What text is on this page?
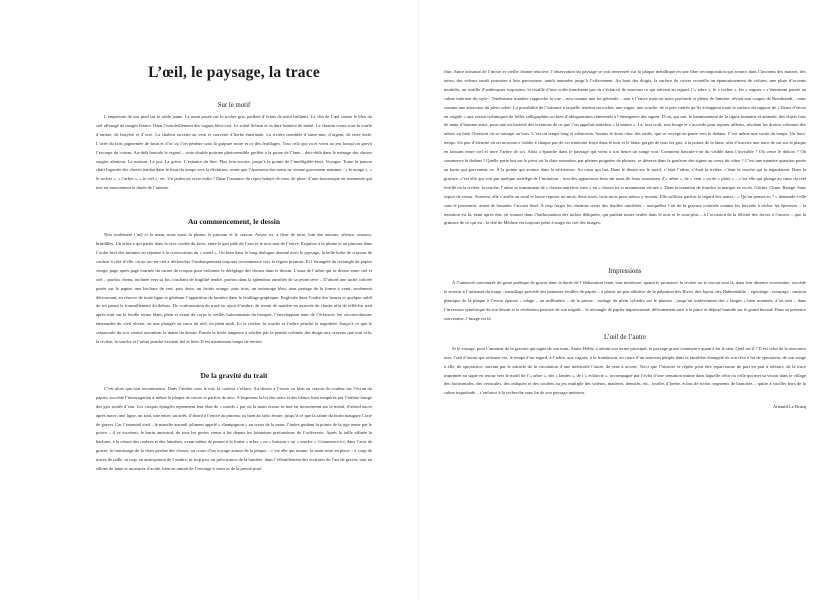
L’œil, le paysage, la trace
Sur le motif

L’empreinte de son pied sur le sable jaune. La main posée sur le rocher gris, pailleté d’éclats de mica brillants. Le clin de l’œil contre le bleu du ciel effrangé de nuages blancs. Dans l’ensoleillement des vagues bleu-vert. Le soleil là-haut et sa dure lumière de métal. Le chemin creux sous la touffe d’ombre, de bruyère et d’ocre. La chaleur ouverte au vent et couverte d’herbe émeraude. La rivière tremblée d’outre-mer, d’argent, de terre étale. L’orée du bois pigmentée de brun et d’or où l’on pénètre sous la guipure noire et or des feuillages. Tout cela qui va et vient au jeu lorsqu’on gravit l’escarpe du coteau. Au-delà bascule le regard – cette double poitrine photosensible greffée à la proue de l’âme – déci-delà dans le ménage des choses surgies alentour. La maison. Le pot. La grève. L’estuaire du Sier. Plus loin encore, jusqu’à la pointe de l’intelligible-étoit. Voyager. Toute la pauvre chair bigarrée des choses tendue dans le tissu du temps vers la déchirure, avant que l’épaisseur des noms ne vienne gravement nommer : « le nuage », « le rocher », « l’arbre », « le ciel », etc. Un jardin où vivre enfin ? Dans l’instance du repos balayé de vent, de pluie, d’une bourrasque en tourmente qui met en mouvement la durée de l’attente.

Au commencement, le dessin

Non seulement l’œil et la main, mais aussi la plume, le pinceau et le crayon. Assise ici, à fleur de terre, loin des auteurs, silence, oiseaux, brindilles. Un arbre à qui parler dans la vive coulée du lavis, entre le gris pâle de l’eau et le noir mat de l’encre. Esquisse à la plume et au pinceau dans l’ordre bref des minutes en réponse à la convocation du « motif ». Ou bien dans le long dialogue dessiné avec le paysage, la belle boîte de crayons de couleur à côté d’elle, où un arc-en-ciel a déclencher l’embarquement toujours recommencé vers la région promise. Et l’étrangeté du rectangle de papier vierge, page après page tournée du carnet de croquis pour ordonner le dérèglage des choses dans le dessin. L’aura de l’arbre qui se dresse entre ciel et ciel – parfois chenu, inclinée vers sa fin, touchant de fragilité tendre, parfois dans la splendeur ramifiée de sa jeune sève – D’abord une tache colorée posée sur le papier, une hachure de vert, puis deux, un frottis orange, puis trois, un entourage bleu, sans partage de la forme à venir, seulement découvrant, en réserve de toute ligne et générant l’apparition de lumière dans le feuillage graphique. Englouée dans l’ordre des heures et quelque oubli de soi parmi le fourmillement du dehors. De confrontation du tracé en ajout d’ombre, de termit de matière en avancée de clartés afin de réfléchir trait après trait sur la feuille terme blanc plein et avant du corps le veillés buissonnants du bosquet, l’enveloppant tenir de l’éclaircie, les circonvolutions émeraudes du vieil olivier, en une plongée au cœur du réel, en plein midi. Ici la rivière, la souche et l’arbre penché la regardent. Jusqu’à ce que le crépuscule du soir vienne assombrir la danse du dessin. Passée la levée tangence à vérifier par la pensée rythmée des doigts aux crayons que tout cela, la rivière, la souche et l’arbre penché existent bel et bien. Il est maintenant temps de rentrer.

De la gravité du trait

C’est alors que tout recommence. Dans l’atelier sous le toit, la couleur s’efface. Au dessin à l’encre ou bien au crayon de couleur sur l’écran du papier, succède l’interrogation à même la plaque de cuivre et parfois de zinc. S’imposent la loi des noirs et des blancs bien tempérés par l’infinie frange des gris roulés d’eau. Les croquis épinglés reprennent leur élan de « motifs » par où la main écrase se met en mouvement sur le métal, d’abord nacre après nacre, une ligne, un trait, une entre, un arrêt, d’abord à l’encre au pinceau ou bien au stylo feutre, jusqu’à ce que la sainte du burin inaugure l’acte de graver. Car l’essentiel sied – le manche arrondi joliment appelé « champignon » au creux de la main, l’index guidant la pointe de la tige tenue par le pouce – il se souvient, le burin ancestral, de tous les gestes venus à lui depuis les lointaines profondeurs de l’orfèvrerie. Après la taille affinée la hachure, à la césure des ombres et des lumières, avant même de penser à la forme « arbre » ou « buisson » ou « souche ». Commence ici, dans l’acte de graver, le tremissage de la chair perdue des choses, au cours d’un voyage autour de la plaque – c’est elle qui tourne, la main reste en place – à coup de traces de taille, ni trop, en anticipation de l’ombre, ni trop peu, en prévoyance de la lumière, dans l’effeuillement des écritures de l’art de graver, tout en sillons de lame et morsures d’acide, bien en amont de l’encrage à venir et de la presse posé

finir. Entre artisanat de l’incise et vieille chimie réactive, l’observation du paysage se voit renversée sur la plaque métallique en une libre recomposition qui avance dans l’inconnu des masses, des tettes, des valeurs tantôt poussées à leur paroxysme, tantôt animales jusqu’à l’effacement. Au bout des doigts, la surface de cuivre recueille un épanouissement de volutes, une pluie d’accents modulés, un souffle d’arabesques exquisites, la cisaille d’une volée tranchante par où s’éclaircit de nouveau ce qui advient au regard. l’« arbre », le « rocher », les « vagues » s’éternisent passés au calme intérieur du style : Tenebrisme manière rapproche la vue – non comme une loi générale – non à l’encre mais en noirs profonds et pleins de lumière, rêvant aux coupes de Rembrandt – mais comme une attraction du plein soleil. La possibilité de l’informe à laquelle tendent un rocher, une vague, une souche, de si près cadrés qu’ils échappent toute la surface du support de « fleurs d’encre en vrigule » aux versus rythmiques de folles calligraphies ou bien d’idéogrammes réinventés à l’émergence des signes. D’où, qui sait, le bannissement de la figure humaine et animale, des objets faits de main d’homme aussi, pour une exclusivité des créations de ce que l’on appelait autrefois « la nature ». Là, tout croît, tout bouge et s’accorde pour reparer ailleurs, révolant les droites colonnes des arbres ou bien l’horizon où se rattrape au bois. C’est un temps long et silencieux, hormis le doux choc des outils, que ce voyage en pente vers le dedans. C’est même une sortie du temps. Un hors-temps. Un peu d’éternité où on morceau s’oublie à chaque pas de cet itinéraire frayé dans le noir et le blanc gorgés de tous les gris, à la pointe de la lame, afin d’inscrire une trace de soi sur la plaque en laissant entre ciel et terre l’arbre de soi. Ainsi s’épanche dans le paysage qui vient à son heure un songe vrai. Comment bascule-t-on du visible dans l’invisible ? Où cesse le dehors ? Où commence le dedans ? Quelle porte but sur le pivot où la claie sensation, par pleines poignées de phrases, se déverse dans la gaufrure des signes au creux du crâne ? C’est une manière question posée au burin qui gravement va. À la pointe qui avance dans la sécheresse. Au cœur qui bat. Dans le dessin sur le motif, c’était l’arbre, c’était la rivière, c’était la souche qui la regardaient. Dans la gravure, c’est elle qui voit par quelque sortilège de l’imitation – non des apparences bien sûr mais de leurs sensations d’« arbre », de « vent » ou de « pluie » – c’est elle qui plonge au cœur du réel éveillé où la rivière, la souche, l’arbre se transmuent de « choses autrefois vues » en « choses ici et maintenant vécues ». Dans la tentation de franchir la marque en excès. Gâchis. Chute. Ratage. Sans espoir de retour. Souvent, elle s’arrête au seuil et laisse reposer un mois, deux mois, trois mois pour mieux y revenir. Elle sollicite parfois le regard des autres : « Qu’en penses-tu ? » demande-t-elle sans le prononcer, avant de hasarder l’accent final. À trop forger les chemins creux des feuilles ramifiées – auxquelles l’art de la gravure coïncide comme les buvards à sécher les épreuves – la tentation est là, étant après état, de tourner dans l’hallucination des taches déliquées, qui parlent toutes seules dans le noir et le sous-plus – à l’occasion de la félicité des forces à l’œuvre – que la grimace de ce qui est : la tête de Méduse est toujours prête à surgir du ciel des images.

Impressions

À l’intensité concentrée du geste poétique de graver dans la durée de l’élaboration lente, tout intérieure, quand le prononcé, la rivière ou le cercon sont là, dans leur absence souveraine, succède le revenir à l’artisanat du tirage : mouillage précédé des patientes feuilles de papier – à plaisir un peu alibitive de la palpation des Rives, des Japon, des Hahnemühle – égouttage ; essuyage ; onction plastique de la plaque à l’encre épaisse ; calage – au millimètre – de la presse : roulage du plein cylindre sur le plateau ; jusqu’au soulèvement des « langes » bien nommés, d’où naît – dans l’inversion symétrique de son dessin et la révélation positive de son négatif – le rectangle de papier impressionné, délicatement saisi à la pince et déposé humide sur le grand buvard. Dans sa présence souveraine, l’image est là.

L’œil de l’autre

Si le voyage, pour l’amateur de la gravure qui signe de son nom, Annie Heldy, a atteint son terme principal, le paysage gravé commence quant à lui le sien. Quel est-il ? Il est celui de la rencontre avec l’œil d’autrui qui redonne vie, le temps d’un regard, à l’arbre, aux vagues, à la frondaison, au cours d’un nouveau périple dans la familière étrangeté de son rêve à lui de spectateur, de son songe à elle, de spectatrice, suivant par le miracle de la circulation d’une intériorité l’autre, de sens à accent. Voici que l’histoire se répète pour être reparcourue de part en part à rebours, de la trace imprimée au signe en retour vers le motif de l’« arbre », des « landes », de l’« éclaircie », accompagné par l’écho d’une sensation intime dans laquelle celui ou celle qui met sa vision dans le village des horizontales, des verticales, des obliques et des courbes au jeu multiple des valeurs, matières, densités, etc., touffes d’herbe, éclats de roche, segments de branches – quitte à vaciller hors de la calme inquiétude – s’enfonce à la recherche sans fin de son paysage intérieur.

Arnauld Le Brusq
